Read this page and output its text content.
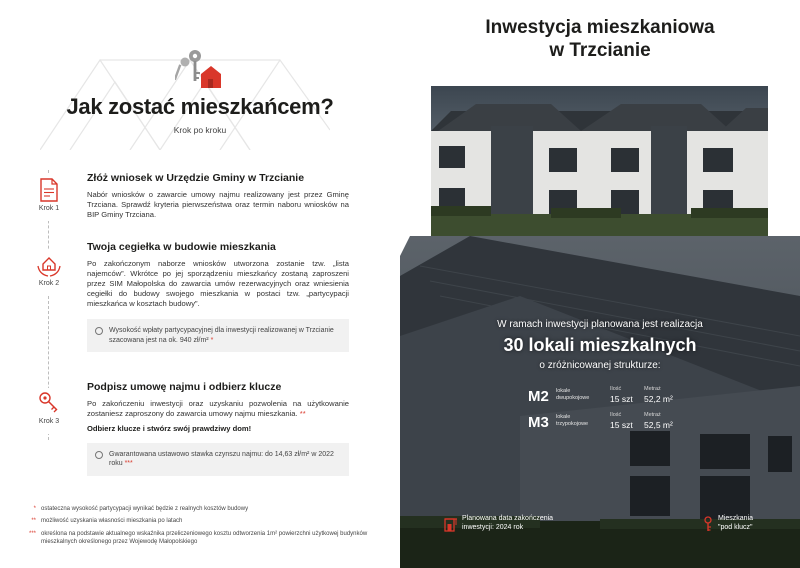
Jak zostać mieszkańcem?
Krok po kroku
Krok 1
Krok 2
Krok 3
Złóż wniosek w Urzędzie Gminy w Trzcianie
Nabór wniosków o zawarcie umowy najmu realizowany jest przez Gminę Trzciana. Sprawdź kryteria pierwszeństwa oraz termin naboru wniosków na BIP Gminy Trzciana.
Twoja cegiełka w budowie mieszkania
Po zakończonym naborze wniosków utworzona zostanie tzw. „lista najemców”. Wkrótce po jej sporządzeniu mieszkańcy zostaną zaproszeni przez SIM Małopolska do zawarcia umów rezerwacyjnych oraz wniesienia cegiełki do budowy swojego mieszkania w postaci tzw. „partycypacji mieszkańca w kosztach budowy”.
Wysokość wpłaty partycypacyjnej dla inwestycji realizowanej w Trzcianie szacowana jest na ok. 940 zł/m² *
Podpisz umowę najmu i odbierz klucze
Po zakończeniu inwestycji oraz uzyskaniu pozwolenia na użytkowanie zostaniesz zaproszony do zawarcia umowy najmu mieszkania. **
Odbierz klucze i stwórz swój prawdziwy dom!
Gwarantowana ustawowo stawka czynszu najmu: do 14,63 zł/m² w 2022 roku ***
* ostateczna wysokość partycypacji wynikać będzie z realnych kosztów budowy
** możliwość uzyskania własności mieszkania po latach
*** określona na podstawie aktualnego wskaźnika przeliczeniowego kosztu odtworzenia 1m² powierzchni użytkowej budynków mieszkalnych określonego przez Wojewodę Małopolskiego
Inwestycja mieszkaniowa
w Trzcianie
W ramach inwestycji planowana jest realizacja
30 lokali mieszkalnych
o zróżnicowanej strukturze:
M2 lokale
dwupokojowe
Ilość
15 szt
Metraż
52,2 m²
M3 lokale
trzypokojowe
Ilość
15 szt
Metraż
52,5 m²
Planowana data zakończenia
inwestycji: 2024 rok
Mieszkania
"pod klucz"
